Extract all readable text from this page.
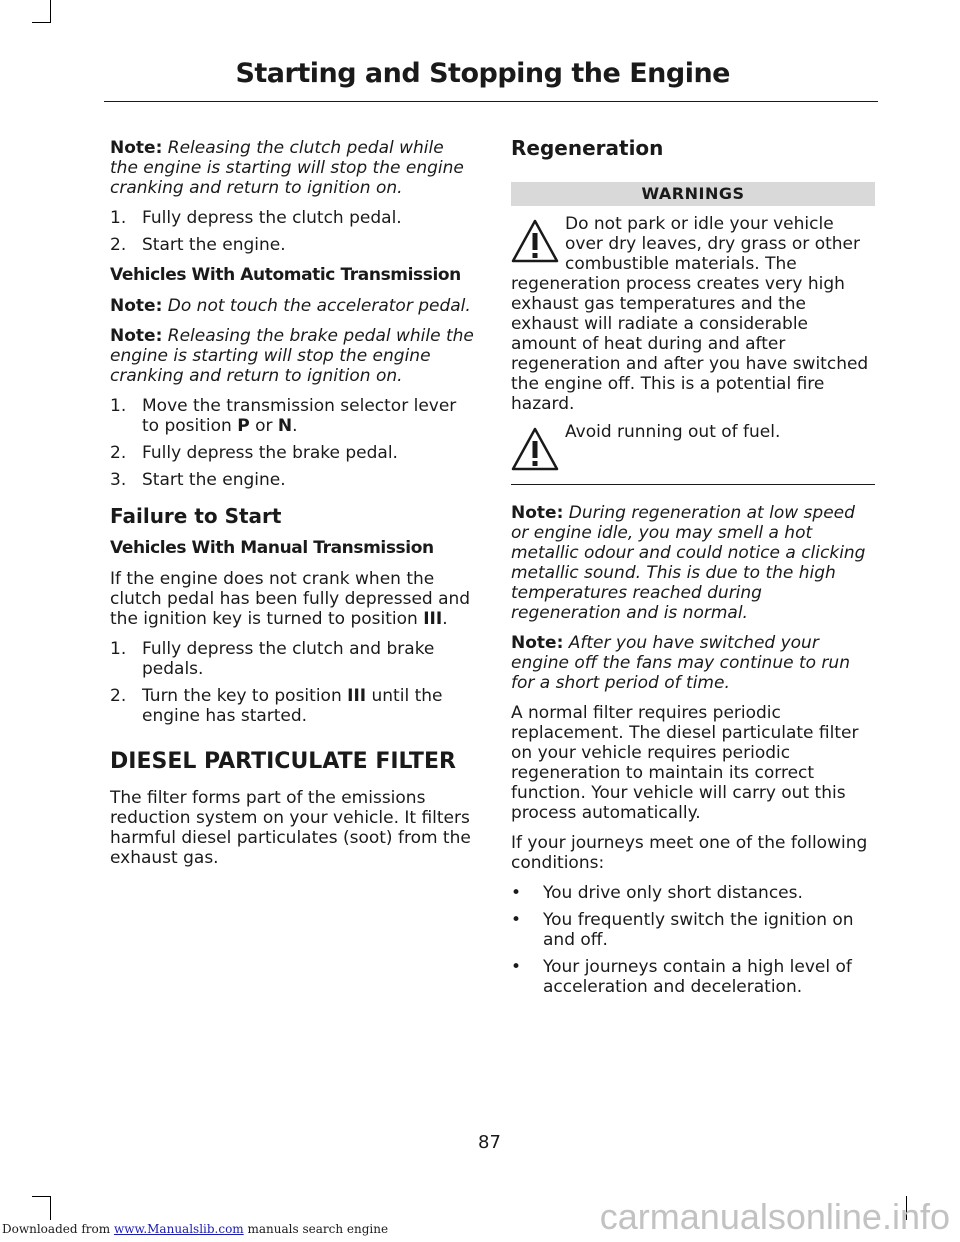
Starting and Stopping the Engine

Note: Releasing the clutch pedal while the engine is starting will stop the engine cranking and return to ignition on.

1. Fully depress the clutch pedal.
2. Start the engine.

Vehicles With Automatic Transmission

Note: Do not touch the accelerator pedal.

Note: Releasing the brake pedal while the engine is starting will stop the engine cranking and return to ignition on.

1. Move the transmission selector lever to position P or N.
2. Fully depress the brake pedal.
3. Start the engine.

Failure to Start

Vehicles With Manual Transmission

If the engine does not crank when the clutch pedal has been fully depressed and the ignition key is turned to position III.

1. Fully depress the clutch and brake pedals.
2. Turn the key to position III until the engine has started.

DIESEL PARTICULATE FILTER

The filter forms part of the emissions reduction system on your vehicle. It filters harmful diesel particulates (soot) from the exhaust gas.

Regeneration

WARNINGS
Do not park or idle your vehicle over dry leaves, dry grass or other combustible materials. The regeneration process creates very high exhaust gas temperatures and the exhaust will radiate a considerable amount of heat during and after regeneration and after you have switched the engine off. This is a potential fire hazard.
Avoid running out of fuel.

Note: During regeneration at low speed or engine idle, you may smell a hot metallic odour and could notice a clicking metallic sound. This is due to the high temperatures reached during regeneration and is normal.

Note: After you have switched your engine off the fans may continue to run for a short period of time.

A normal filter requires periodic replacement. The diesel particulate filter on your vehicle requires periodic regeneration to maintain its correct function. Your vehicle will carry out this process automatically.

If your journeys meet one of the following conditions:

• You drive only short distances.
• You frequently switch the ignition on and off.
• Your journeys contain a high level of acceleration and deceleration.
87
carmanualsonline.info
Downloaded from www.Manualslib.com manuals search engine
